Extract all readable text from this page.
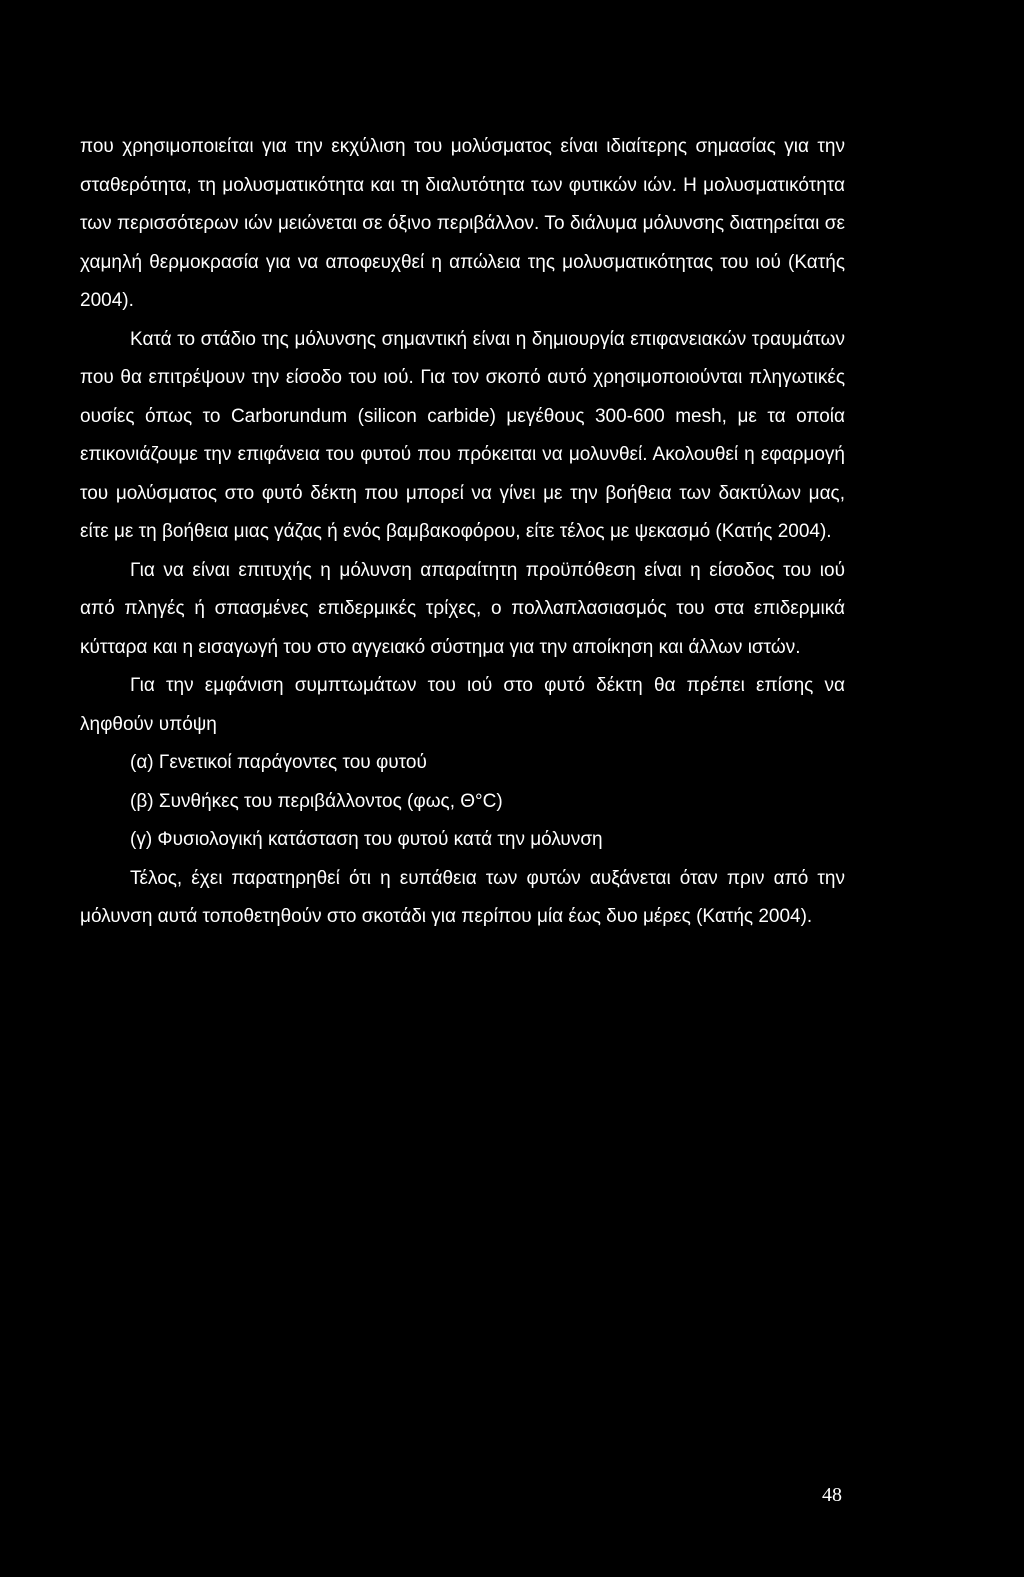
που χρησιμοποιείται για την εκχύλιση του μολύσματος είναι ιδιαίτερης σημασίας για την σταθερότητα, τη μολυσματικότητα και τη διαλυτότητα των φυτικών ιών. Η μολυσματικότητα των περισσότερων ιών μειώνεται σε όξινο περιβάλλον. Το διάλυμα μόλυνσης διατηρείται σε χαμηλή θερμοκρασία για να αποφευχθεί η απώλεια της μολυσματικότητας του ιού (Κατής 2004).

Κατά το στάδιο της μόλυνσης σημαντική είναι η δημιουργία επιφανειακών τραυμάτων που θα επιτρέψουν την είσοδο του ιού. Για τον σκοπό αυτό χρησιμοποιούνται πληγωτικές ουσίες όπως το Carborundum (silicon carbide) μεγέθους 300-600 mesh, με τα οποία επικονιάζουμε την επιφάνεια του φυτού που πρόκειται να μολυνθεί. Ακολουθεί η εφαρμογή του μολύσματος στο φυτό δέκτη που μπορεί να γίνει με την βοήθεια των δακτύλων μας, είτε με τη βοήθεια μιας γάζας ή ενός βαμβακοφόρου, είτε τέλος με ψεκασμό (Κατής 2004).

Για να είναι επιτυχής η μόλυνση απαραίτητη προϋπόθεση είναι η είσοδος του ιού από πληγές ή σπασμένες επιδερμικές τρίχες, ο πολλαπλασιασμός του στα επιδερμικά κύτταρα και η εισαγωγή του στο αγγειακό σύστημα για την αποίκηση και άλλων ιστών.

Για την εμφάνιση συμπτωμάτων του ιού στο φυτό δέκτη θα πρέπει επίσης να ληφθούν υπόψη

(α) Γενετικοί παράγοντες του φυτού

(β) Συνθήκες του περιβάλλοντος (φως, Θ°C)

(γ) Φυσιολογική κατάσταση του φυτού κατά την μόλυνση

Τέλος, έχει παρατηρηθεί ότι η ευπάθεια των φυτών αυξάνεται όταν πριν από την μόλυνση αυτά τοποθετηθούν στο σκοτάδι για περίπου μία έως δυο μέρες (Κατής 2004).

48
